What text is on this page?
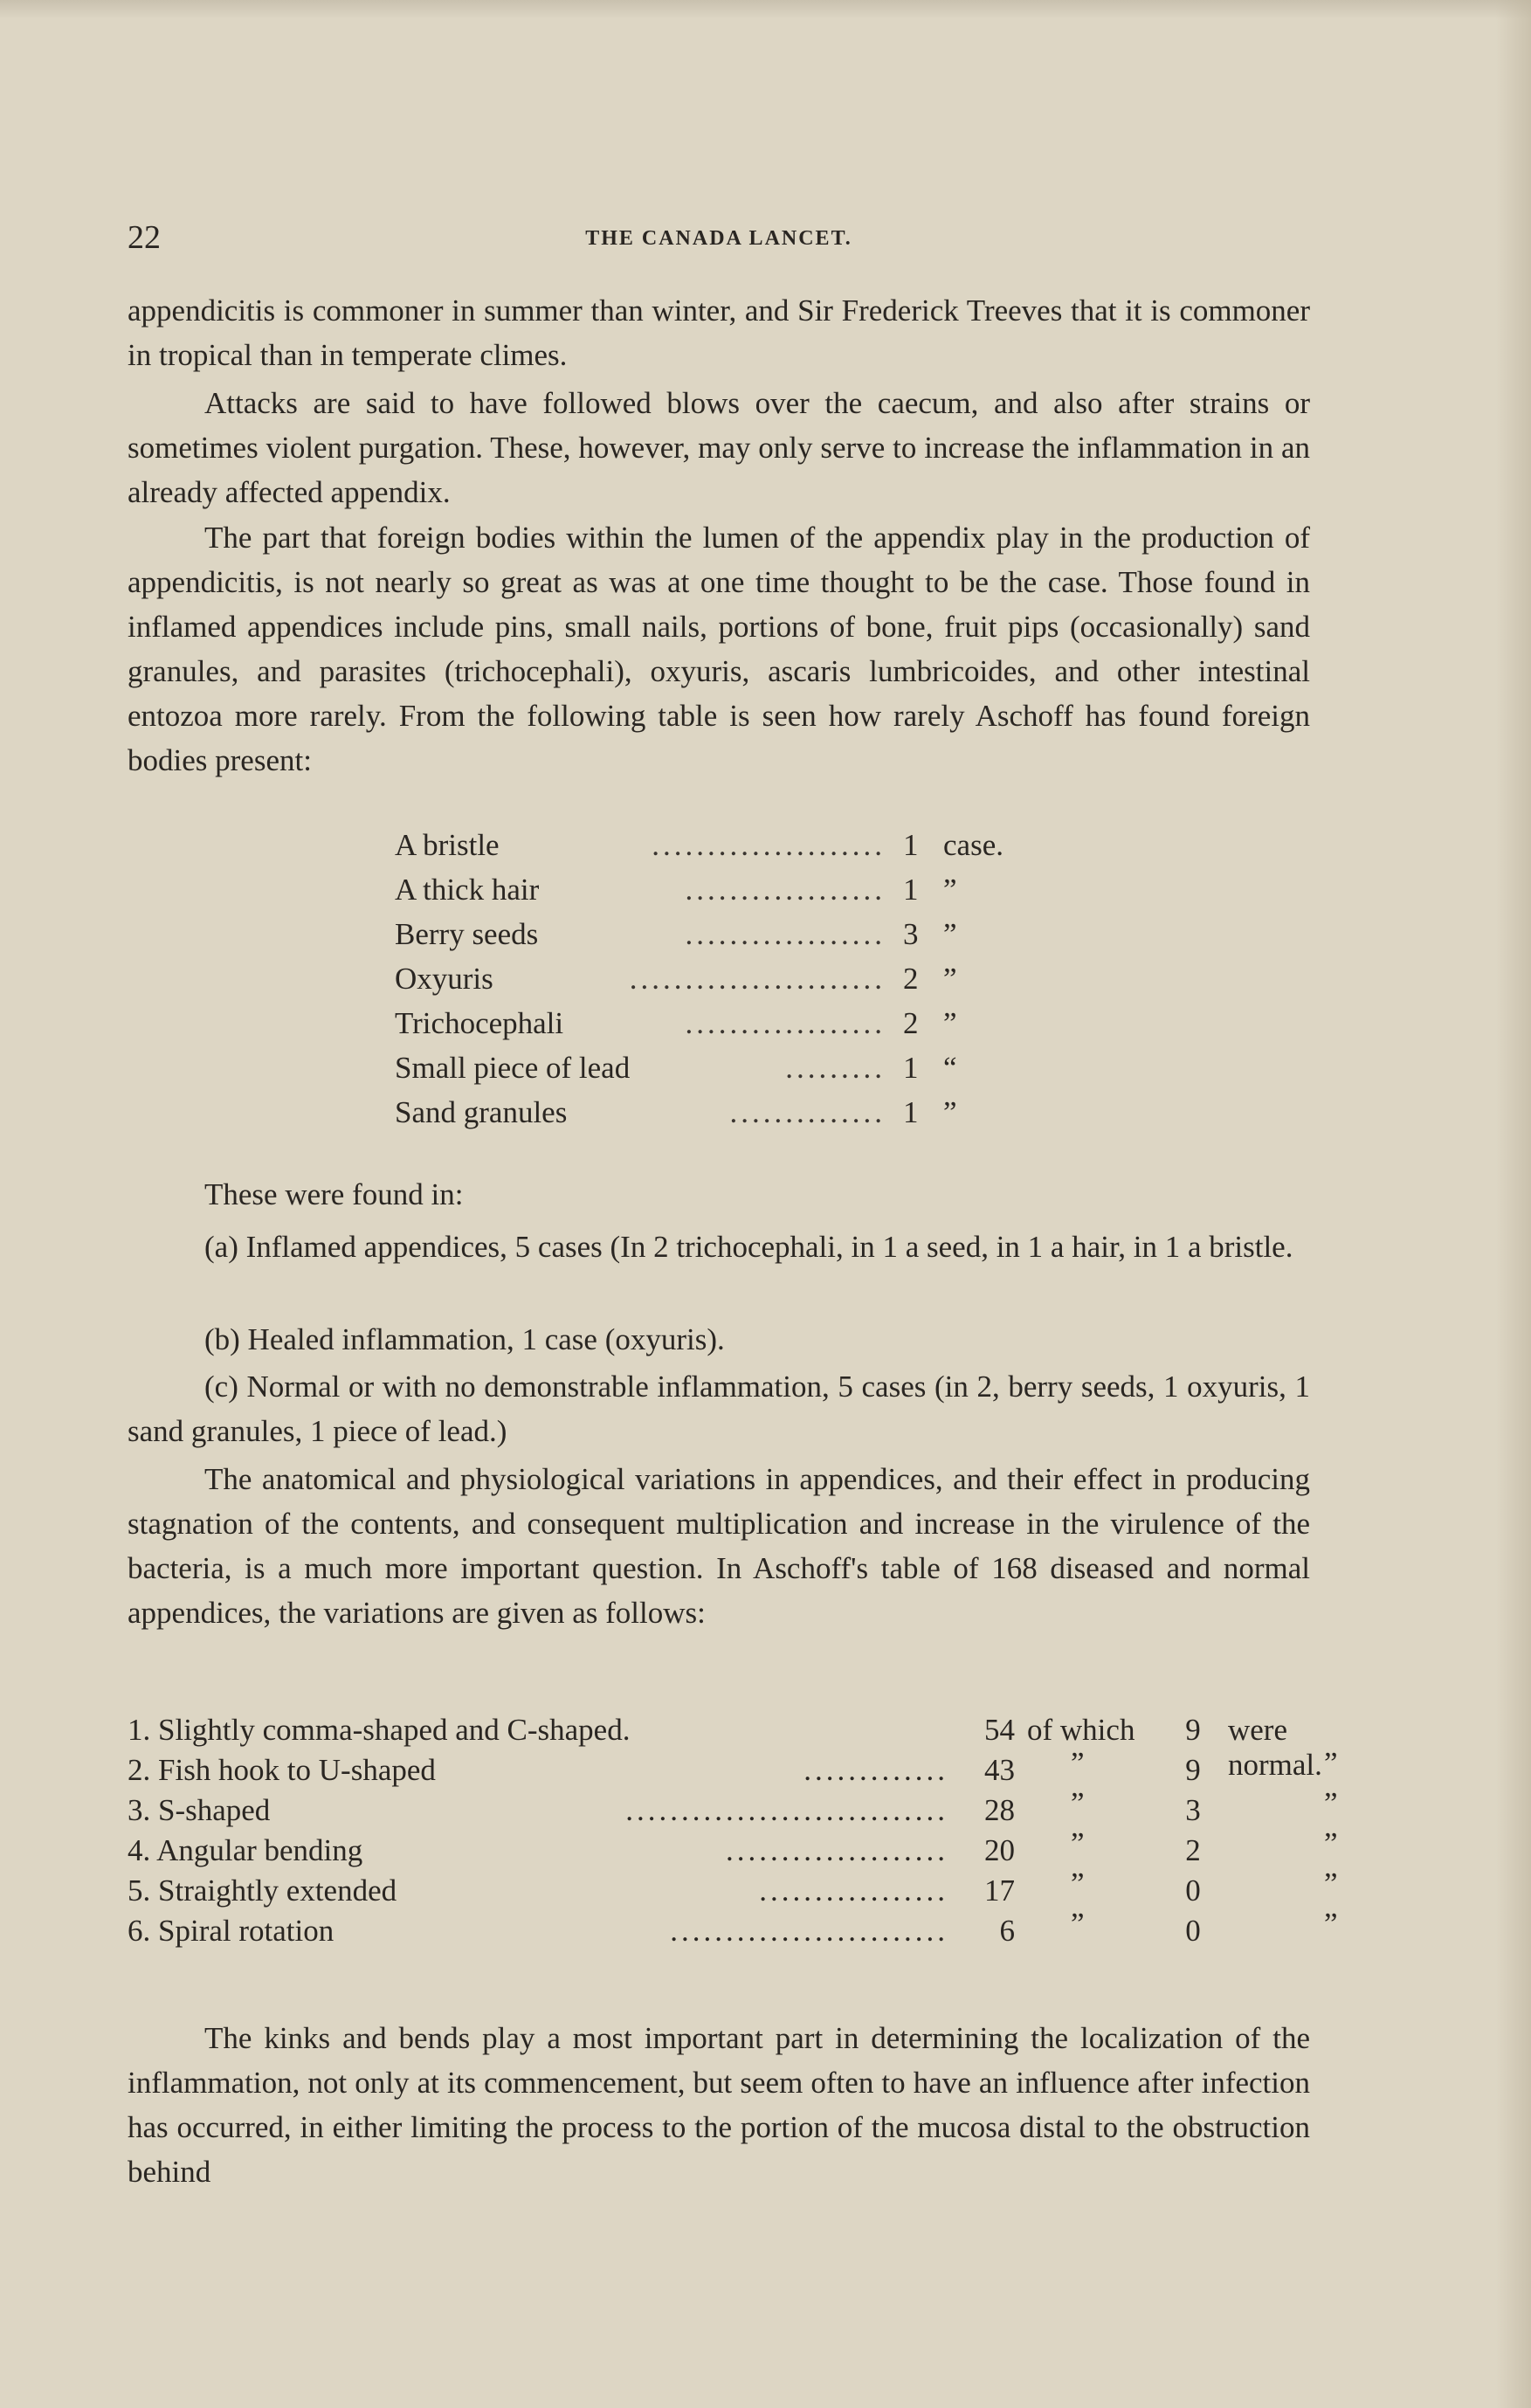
22	THE CANADA LANCET.

appendicitis is commoner in summer than winter, and Sir Frederick Treeves that it is commoner in tropical than in temperate climes.

Attacks are said to have followed blows over the caecum, and also after strains or sometimes violent purgation. These, however, may only serve to increase the inflammation in an already affected appendix.

The part that foreign bodies within the lumen of the appendix play in the production of appendicitis, is not nearly so great as was at one time thought to be the case. Those found in inflamed appendices include pins, small nails, portions of bone, fruit pips (occasionally) sand granules, and parasites (trichocephali), oxyuris, ascaris lumbricoides, and other intestinal entozoa more rarely. From the following table is seen how rarely Aschoff has found foreign bodies present:

A bristle	..................... 1 case.
A thick hair	.................. 1 ”
Berry seeds	.................. 3 ”
Oxyuris	....................... 2 ”
Trichocephali	.................. 2 ”
Small piece of lead	......... 1 “
Sand granules	.............. 1 ”

These were found in:

(a) Inflamed appendices, 5 cases (In 2 trichocephali, in 1 a seed, in 1 a hair, in 1 a bristle.

(b) Healed inflammation, 1 case (oxyuris).

(c) Normal or with no demonstrable inflammation, 5 cases (in 2, berry seeds, 1 oxyuris, 1 sand granules, 1 piece of lead.)

The anatomical and physiological variations in appendices, and their effect in producing stagnation of the contents, and consequent multiplication and increase in the virulence of the bacteria, is a much more important question. In Aschoff's table of 168 diseased and normal appendices, the variations are given as follows:

1. Slightly comma-shaped and C-shaped.	54 of which	9 were normal.
2. Fish hook to U-shaped	.............	43 ”	9	”
3. S-shaped	.............................	28 ”	3	”
4. Angular bending	....................	20 ”	2	”
5. Straightly extended	.................	17 ”	0	”
6. Spiral rotation	.........................	6 ”	0	”

The kinks and bends play a most important part in determining the localization of the inflammation, not only at its commencement, but seem often to have an influence after infection has occurred, in either limiting the process to the portion of the mucosa distal to the obstruction behind
